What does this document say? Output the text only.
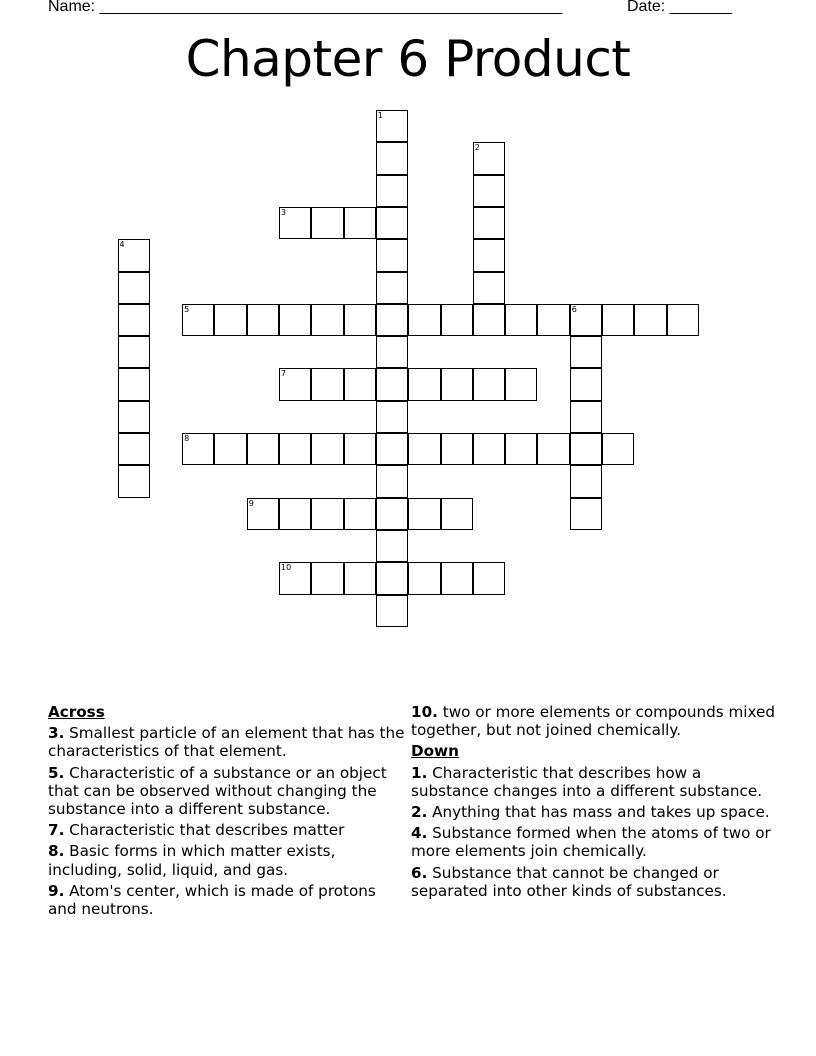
Name: ____________________________________________________	Date: _______
Chapter 6 Product
1
2
3
4
5	6
7
8
9
10
Across
3. Smallest particle of an element that has the characteristics of that element.
5. Characteristic of a substance or an object that can be observed without changing the substance into a different substance.
7. Characteristic that describes matter
8. Basic forms in which matter exists, including, solid, liquid, and gas.
9. Atom's center, which is made of protons and neutrons.
10. two or more elements or compounds mixed together, but not joined chemically.
Down
1. Characteristic that describes how a substance changes into a different substance.
2. Anything that has mass and takes up space.
4. Substance formed when the atoms of two or more elements join chemically.
6. Substance that cannot be changed or separated into other kinds of substances.
